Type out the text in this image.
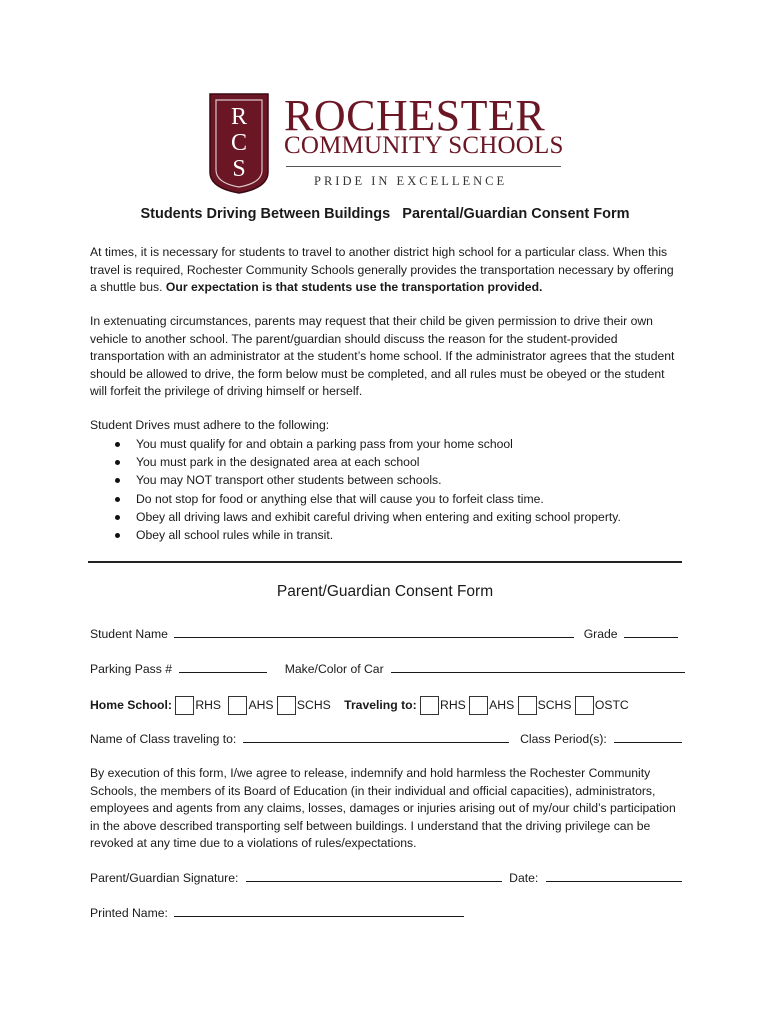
R
C
S
ROCHESTER
COMMUNITY SCHOOLS
PRIDE IN EXCELLENCE
Students Driving Between Buildings   Parental/Guardian Consent Form
At times, it is necessary for students to travel to another district high school for a particular class. When this travel is required, Rochester Community Schools generally provides the transportation necessary by offering a shuttle bus. Our expectation is that students use the transportation provided.
In extenuating circumstances, parents may request that their child be given permission to drive their own vehicle to another school. The parent/guardian should discuss the reason for the student-provided transportation with an administrator at the student’s home school. If the administrator agrees that the student should be allowed to drive, the form below must be completed, and all rules must be obeyed or the student will forfeit the privilege of driving himself or herself.
Student Drives must adhere to the following:
You must qualify for and obtain a parking pass from your home school
You must park in the designated area at each school
You may NOT transport other students between schools.
Do not stop for food or anything else that will cause you to forfeit class time.
Obey all driving laws and exhibit careful driving when entering and exiting school property.
Obey all school rules while in transit.
Parent/Guardian Consent Form
Student Name	Grade
Parking Pass #	Make/Color of Car
Home School: RHS AHS SCHS Traveling to: RHS AHS SCHS OSTC
Name of Class traveling to:	Class Period(s):
By execution of this form, I/we agree to release, indemnify and hold harmless the Rochester Community Schools, the members of its Board of Education (in their individual and official capacities), administrators, employees and agents from any claims, losses, damages or injuries arising out of my/our child’s participation in the above described transporting self between buildings. I understand that the driving privilege can be revoked at any time due to a violations of rules/expectations.
Parent/Guardian Signature:	Date:
Printed Name:
